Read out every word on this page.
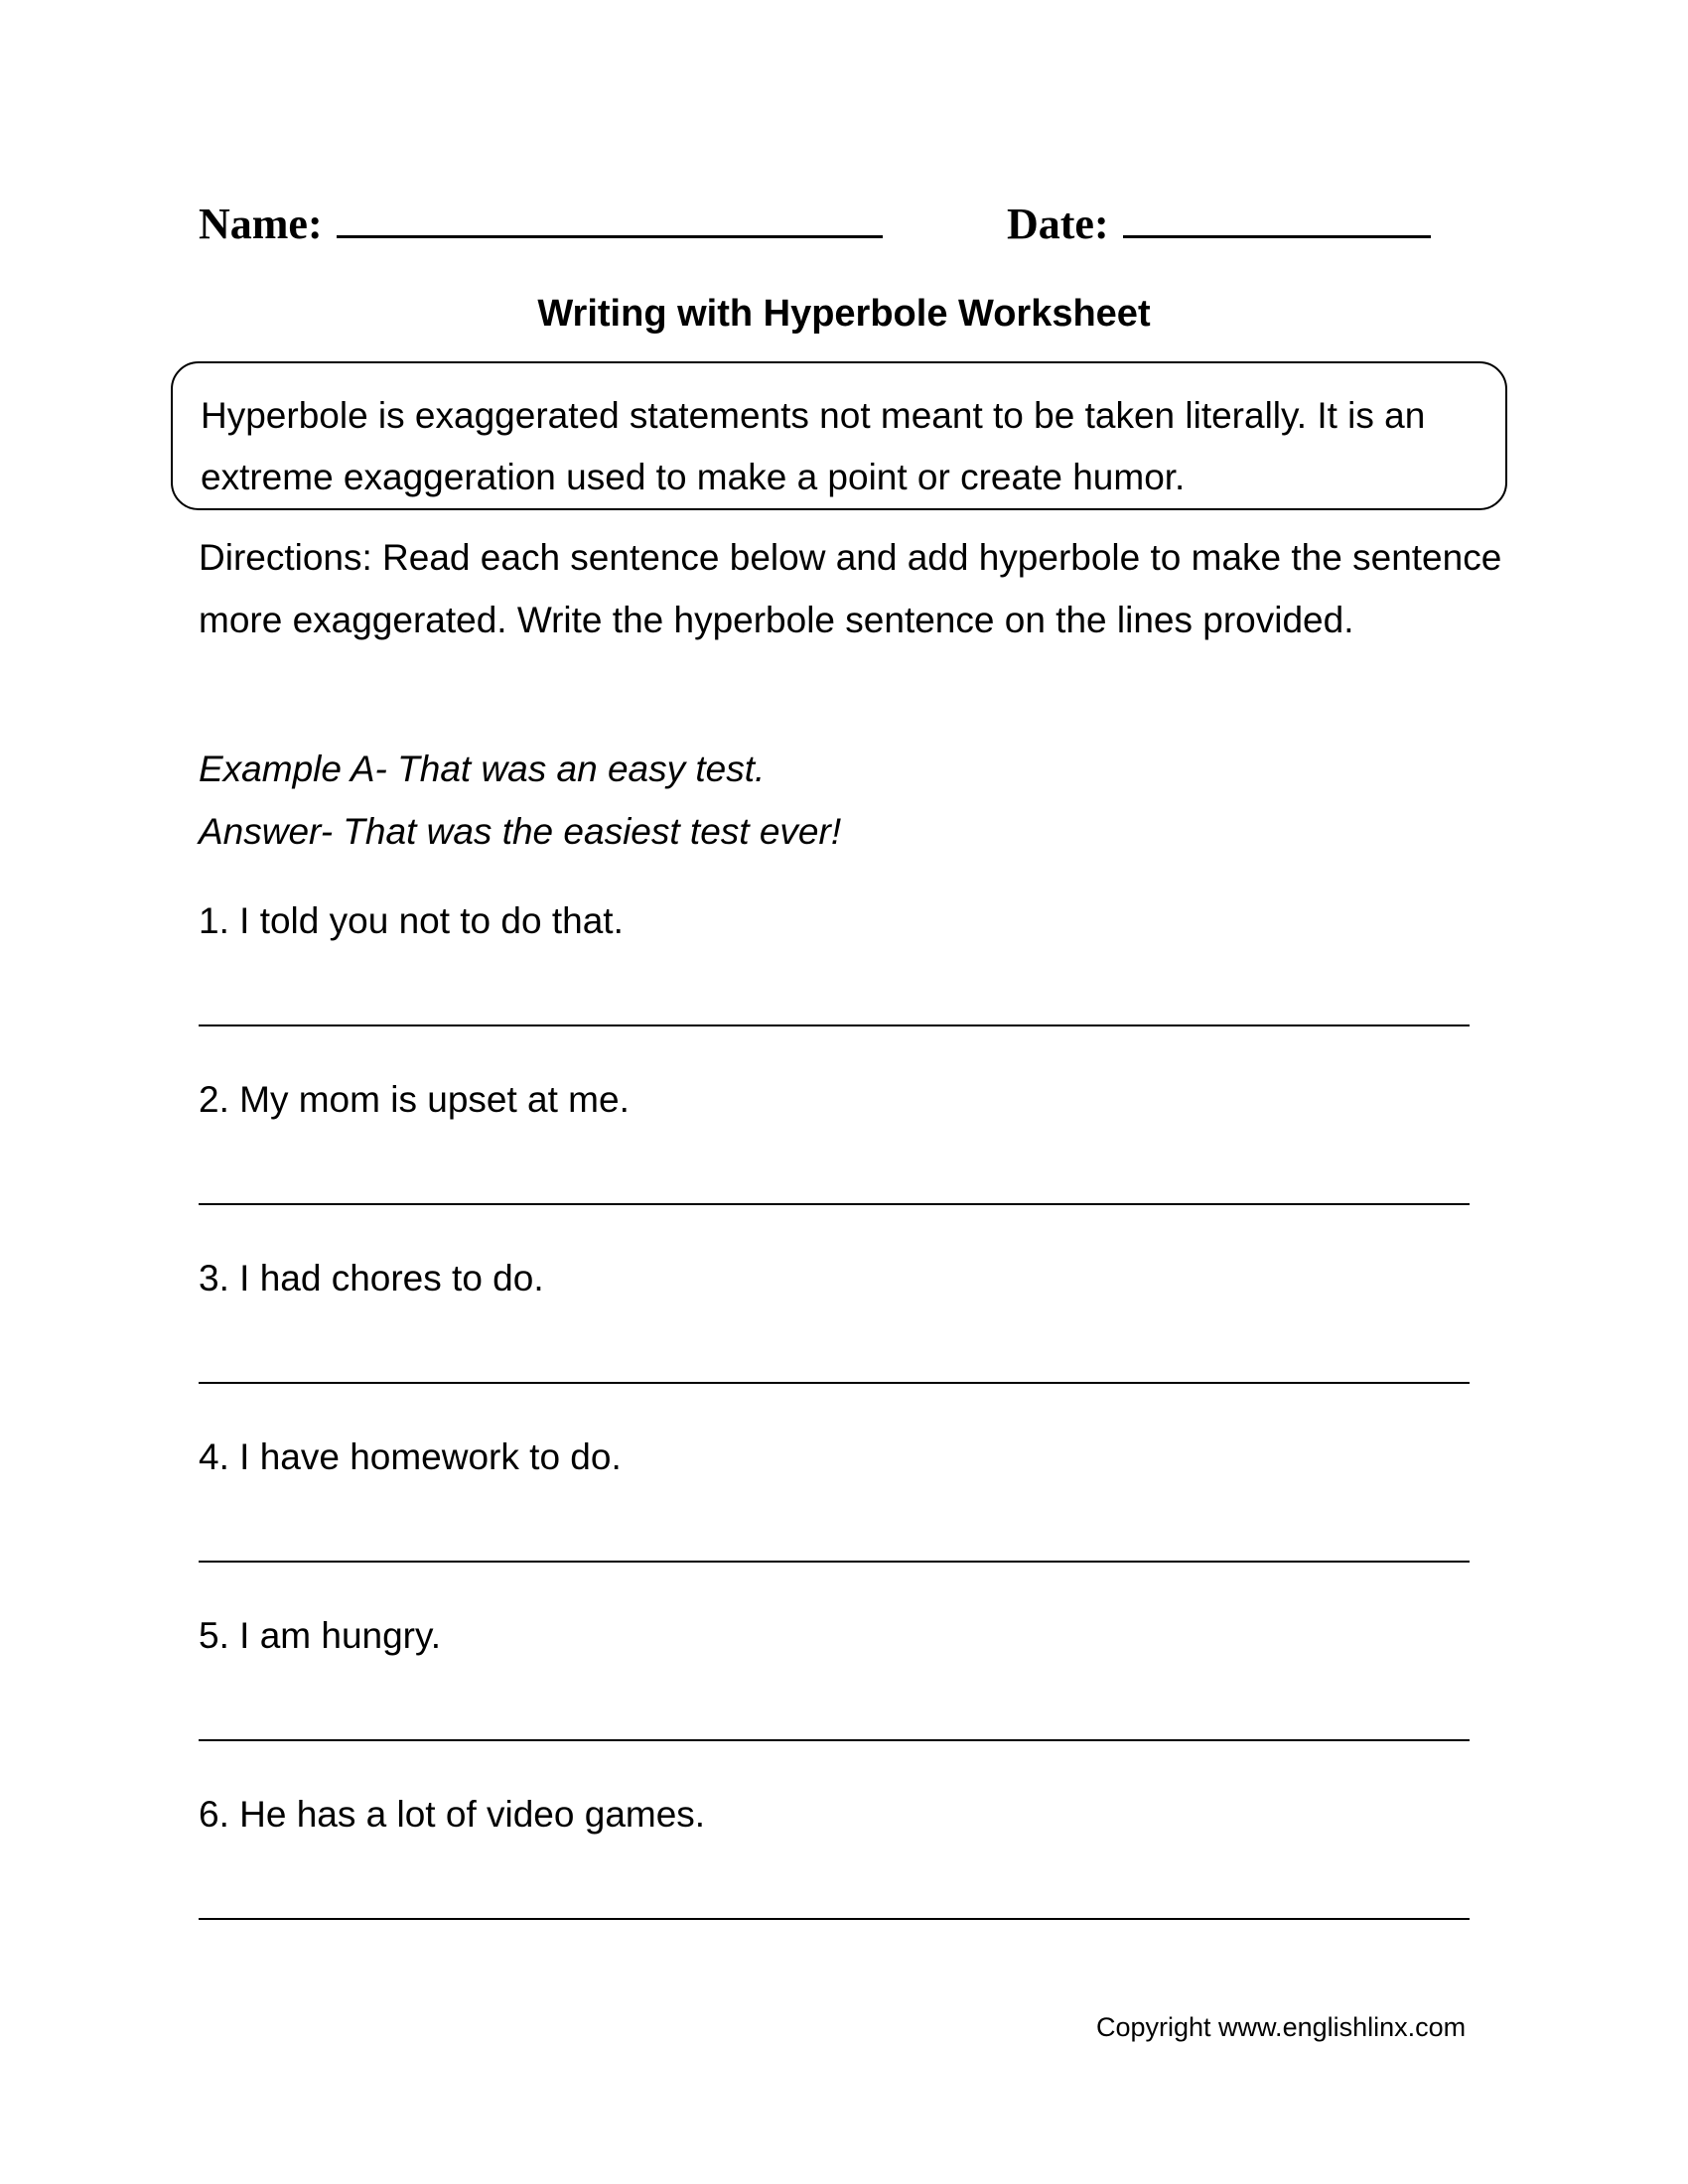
Name:	Date:
Writing with Hyperbole Worksheet
Hyperbole is exaggerated statements not meant to be taken literally. It is an extreme exaggeration used to make a point or create humor.
Directions: Read each sentence below and add hyperbole to make the sentence more exaggerated. Write the hyperbole sentence on the lines provided.
Example A- That was an easy test.
Answer- That was the easiest test ever!
1. I told you not to do that.
2. My mom is upset at me.
3. I had chores to do.
4. I have homework to do.
5. I am hungry.
6. He has a lot of video games.
Copyright www.englishlinx.com
